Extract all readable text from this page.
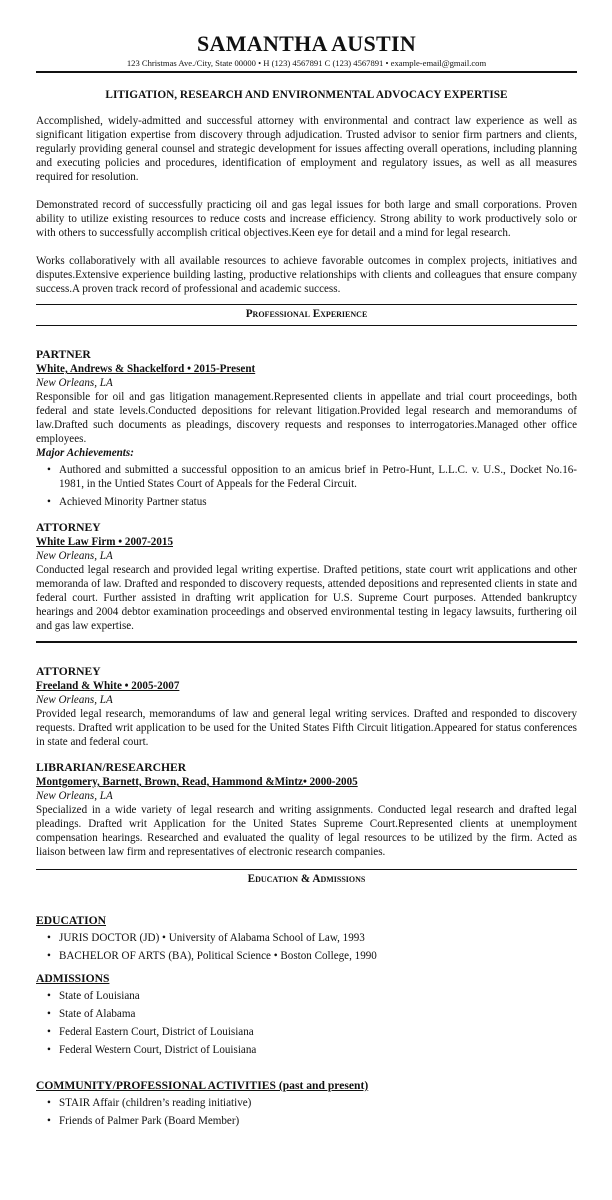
SAMANTHA AUSTIN
123 Christmas Ave./City, State 00000 • H (123) 4567891 C (123) 4567891 • example-email@gmail.com
LITIGATION, RESEARCH AND ENVIRONMENTAL ADVOCACY EXPERTISE

Accomplished, widely-admitted and successful attorney with environmental and contract law experience as well as significant litigation expertise from discovery through adjudication. Trusted advisor to senior firm partners and clients, regularly providing general counsel and strategic development for issues affecting overall operations, including planning and executing policies and procedures, identification of employment and regulatory issues, as well as all measures required for resolution.

Demonstrated record of successfully practicing oil and gas legal issues for both large and small corporations. Proven ability to utilize existing resources to reduce costs and increase efficiency. Strong ability to work productively solo or with others to successfully accomplish critical objectives.Keen eye for detail and a mind for legal research.

Works collaboratively with all available resources to achieve favorable outcomes in complex projects, initiatives and disputes.Extensive experience building lasting, productive relationships with clients and colleagues that ensure company success.A proven track record of professional and academic success.

Professional Experience
PARTNER
White, Andrews & Shackelford • 2015-Present
New Orleans, LA

Responsible for oil and gas litigation management.Represented clients in appellate and trial court proceedings, both federal and state levels.Conducted depositions for relevant litigation.Provided legal research and memorandums of law.Drafted such documents as pleadings, discovery requests and responses to interrogatories.Managed other office employees.

Major Achievements:
• Authored and submitted a successful opposition to an amicus brief in Petro-Hunt, L.L.C. v. U.S., Docket No.16-1981, in the Untied States Court of Appeals for the Federal Circuit.
• Achieved Minority Partner status
ATTORNEY
White Law Firm • 2007-2015
New Orleans, LA

Conducted legal research and provided legal writing expertise. Drafted petitions, state court writ applications and other memoranda of law. Drafted and responded to discovery requests, attended depositions and represented clients in state and federal court. Further assisted in drafting writ application for U.S. Supreme Court purposes. Attended bankruptcy hearings and 2004 debtor examination proceedings and observed environmental testing in legacy lawsuits, furthering oil and gas law expertise.

ATTORNEY
Freeland & White • 2005-2007
New Orleans, LA

Provided legal research, memorandums of law and general legal writing services. Drafted and responded to discovery requests. Drafted writ application to be used for the United States Fifth Circuit litigation.Appeared for status conferences in state and federal court.

LIBRARIAN/RESEARCHER
Montgomery, Barnett, Brown, Read, Hammond &Mintz• 2000-2005
New Orleans, LA

Specialized in a wide variety of legal research and writing assignments. Conducted legal research and drafted legal pleadings. Drafted writ Application for the United States Supreme Court.Represented clients at unemployment compensation hearings. Researched and evaluated the quality of legal resources to be utilized by the firm. Acted as liaison between law firm and representatives of electronic research companies.

Education & Admissions
EDUCATION
• JURIS DOCTOR (JD) • University of Alabama School of Law, 1993
• BACHELOR OF ARTS (BA), Political Science • Boston College, 1990
ADMISSIONS
• State of Louisiana
• State of Alabama
• Federal Eastern Court, District of Louisiana
• Federal Western Court, District of Louisiana
COMMUNITY/PROFESSIONAL ACTIVITIES (past and present)
• STAIR Affair (children’s reading initiative)
• Friends of Palmer Park (Board Member)
